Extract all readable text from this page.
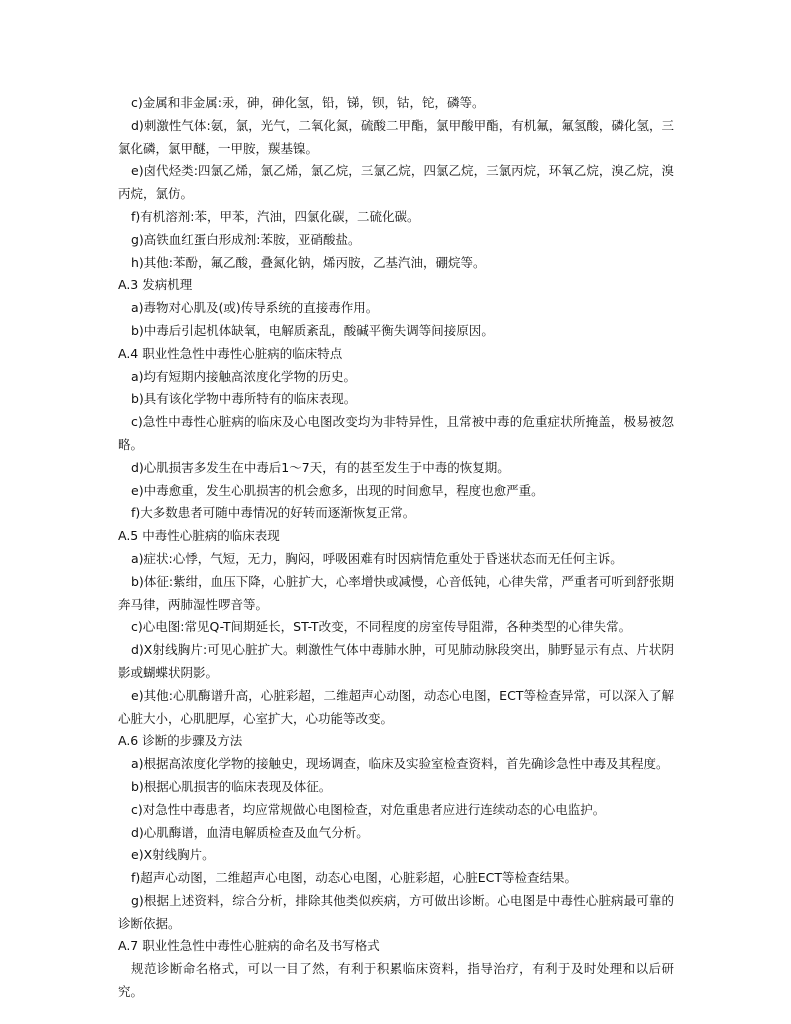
c)金属和非金属:汞，砷，砷化氢，铅，锑，钡，钴，铊，磷等。

d)刺激性气体:氨，氯，光气，二氧化氮，硫酸二甲酯，氯甲酸甲酯，有机氟，氟氢酸，磷化氢，三氯化磷，氯甲醚，一甲胺，羰基镍。

e)卤代烃类:四氯乙烯，氯乙烯，氯乙烷，三氯乙烷，四氯乙烷，三氯丙烷，环氧乙烷，溴乙烷，溴丙烷，氯仿。

f)有机溶剂:苯，甲苯，汽油，四氯化碳，二硫化碳。

g)高铁血红蛋白形成剂:苯胺，亚硝酸盐。

h)其他:苯酚，氟乙酸，叠氮化钠，烯丙胺，乙基汽油，硼烷等。

A.3 发病机理

a)毒物对心肌及(或)传导系统的直接毒作用。

b)中毒后引起机体缺氧，电解质紊乱，酸碱平衡失调等间接原因。

A.4 职业性急性中毒性心脏病的临床特点

a)均有短期内接触高浓度化学物的历史。

b)具有该化学物中毒所特有的临床表现。

c)急性中毒性心脏病的临床及心电图改变均为非特异性，且常被中毒的危重症状所掩盖，极易被忽略。

d)心肌损害多发生在中毒后1～7天，有的甚至发生于中毒的恢复期。

e)中毒愈重，发生心肌损害的机会愈多，出现的时间愈早，程度也愈严重。

f)大多数患者可随中毒情况的好转而逐渐恢复正常。

A.5 中毒性心脏病的临床表现

a)症状:心悸，气短，无力，胸闷，呼吸困难有时因病情危重处于昏迷状态而无任何主诉。

b)体征:紫绀，血压下降，心脏扩大，心率增快或减慢，心音低钝，心律失常，严重者可听到舒张期奔马律，两肺湿性啰音等。

c)心电图:常见Q-T间期延长，ST-T改变，不同程度的房室传导阻滞，各种类型的心律失常。

d)X射线胸片:可见心脏扩大。刺激性气体中毒肺水肿，可见肺动脉段突出，肺野显示有点、片状阴影或蝴蝶状阴影。

e)其他:心肌酶谱升高，心脏彩超，二维超声心动图，动态心电图，ECT等检查异常，可以深入了解心脏大小，心肌肥厚，心室扩大，心功能等改变。

A.6 诊断的步骤及方法

a)根据高浓度化学物的接触史，现场调查，临床及实验室检查资料，首先确诊急性中毒及其程度。

b)根据心肌损害的临床表现及体征。

c)对急性中毒患者，均应常规做心电图检查，对危重患者应进行连续动态的心电监护。

d)心肌酶谱，血清电解质检查及血气分析。

e)X射线胸片。

f)超声心动图，二维超声心电图，动态心电图，心脏彩超，心脏ECT等检查结果。

g)根据上述资料，综合分析，排除其他类似疾病，方可做出诊断。心电图是中毒性心脏病最可靠的诊断依据。

A.7 职业性急性中毒性心脏病的命名及书写格式

规范诊断命名格式，可以一目了然，有利于积累临床资料，指导治疗，有利于及时处理和以后研究。
